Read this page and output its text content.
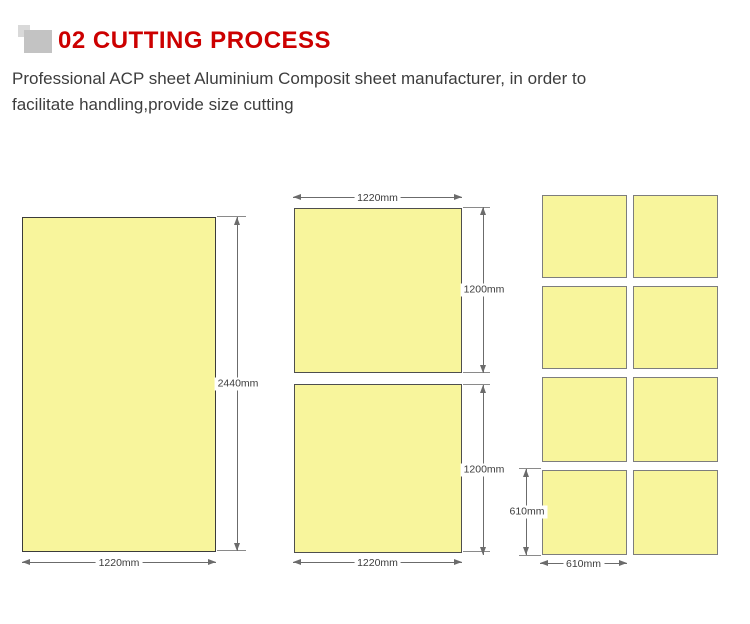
02 CUTTING PROCESS
Professional ACP sheet Aluminium Composit sheet manufacturer, in order to
facilitate handling,provide size cutting
2440mm
1220mm
1220mm
1200mm
1200mm
1220mm
610mm
610mm
